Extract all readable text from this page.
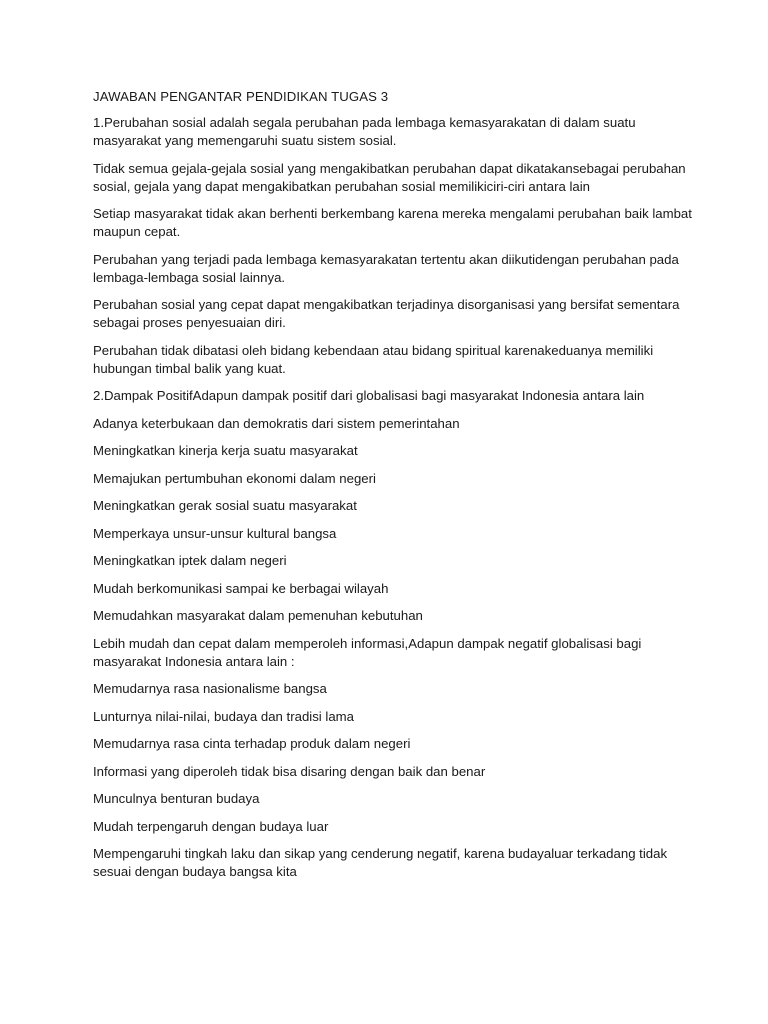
JAWABAN PENGANTAR PENDIDIKAN TUGAS 3

1.Perubahan sosial adalah segala perubahan pada lembaga kemasyarakatan di dalam suatu masyarakat yang memengaruhi suatu sistem sosial.

Tidak semua gejala-gejala sosial yang mengakibatkan perubahan dapat dikatakansebagai perubahan sosial, gejala yang dapat mengakibatkan perubahan sosial memilikiciri-ciri antara lain

Setiap masyarakat tidak akan berhenti berkembang karena mereka mengalami perubahan baik lambat maupun cepat.

Perubahan yang terjadi pada lembaga kemasyarakatan tertentu akan diikutidengan perubahan pada lembaga-lembaga sosial lainnya.

Perubahan sosial yang cepat dapat mengakibatkan terjadinya disorganisasi yang bersifat sementara sebagai proses penyesuaian diri.

Perubahan tidak dibatasi oleh bidang kebendaan atau bidang spiritual karenakeduanya memiliki hubungan timbal balik yang kuat.

2.Dampak PositifAdapun dampak positif dari globalisasi bagi masyarakat Indonesia antara lain

Adanya keterbukaan dan demokratis dari sistem pemerintahan

Meningkatkan kinerja kerja suatu masyarakat

Memajukan pertumbuhan ekonomi dalam negeri

Meningkatkan gerak sosial suatu masyarakat

Memperkaya unsur-unsur kultural bangsa

Meningkatkan iptek dalam negeri

Mudah berkomunikasi sampai ke berbagai wilayah

Memudahkan masyarakat dalam pemenuhan kebutuhan

Lebih mudah dan cepat dalam memperoleh informasi,Adapun dampak negatif globalisasi bagi masyarakat Indonesia antara lain :

Memudarnya rasa nasionalisme bangsa

Lunturnya nilai-nilai, budaya dan tradisi lama

Memudarnya rasa cinta terhadap produk dalam negeri

Informasi yang diperoleh tidak bisa disaring dengan baik dan benar

Munculnya benturan budaya

Mudah terpengaruh dengan budaya luar

Mempengaruhi tingkah laku dan sikap yang cenderung negatif, karena budayaluar terkadang tidak sesuai dengan budaya bangsa kita
